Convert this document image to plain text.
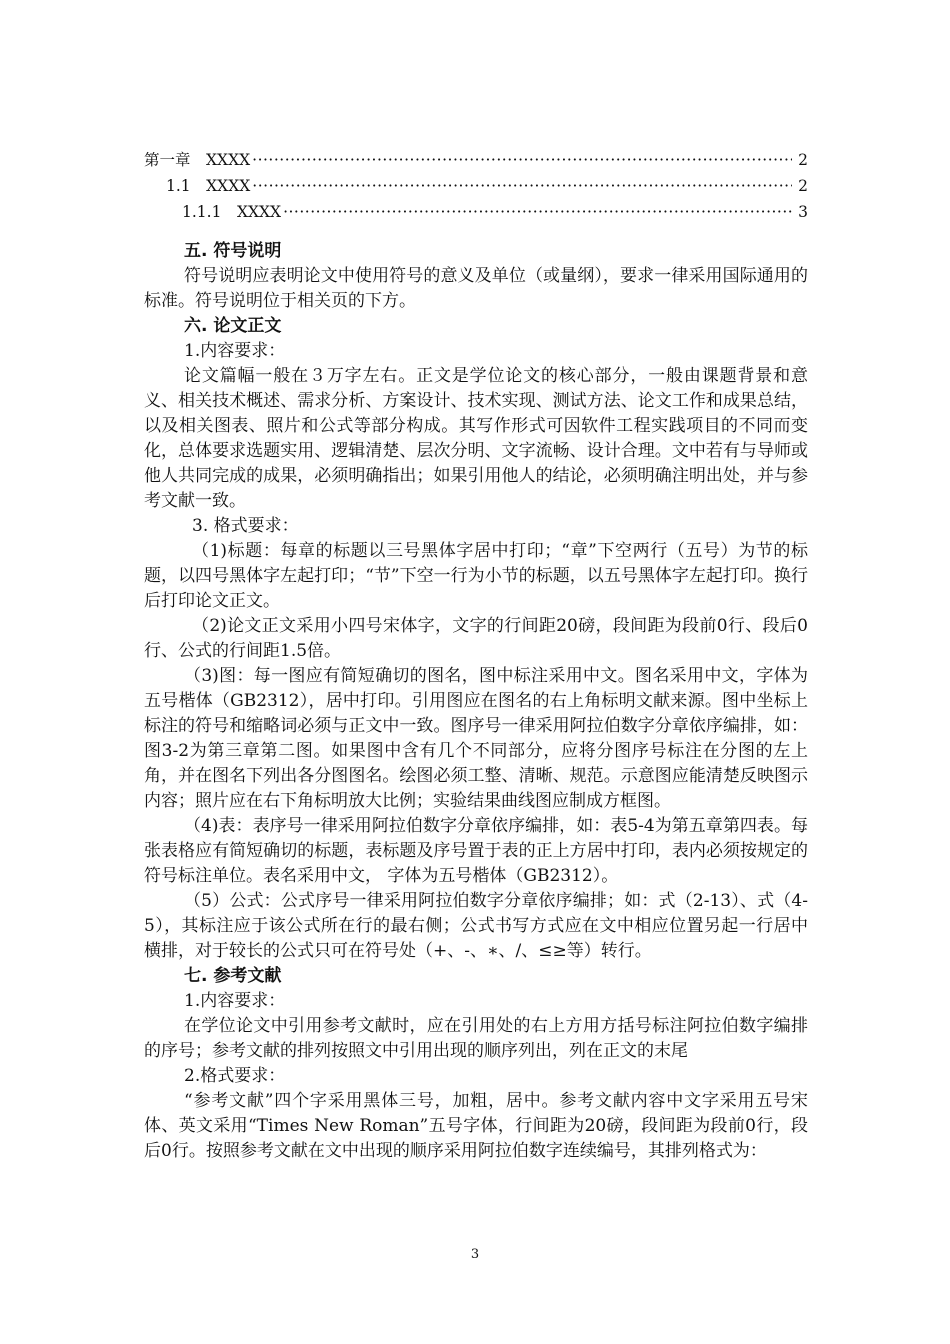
第一章　XXXX ·····	2
1.1　XXXX ·····	2
1.1.1　XXXX ·····	3
五. 符号说明

符号说明应表明论文中使用符号的意义及单位（或量纲），要求一律采用国际通用的标准。符号说明位于相关页的下方。

六. 论文正文

1.内容要求：

论文篇幅一般在３万字左右。正文是学位论文的核心部分，一般由课题背景和意义、相关技术概述、需求分析、方案设计、技术实现、测试方法、论文工作和成果总结，以及相关图表、照片和公式等部分构成。其写作形式可因软件工程实践项目的不同而变化，总体要求选题实用、逻辑清楚、层次分明、文字流畅、设计合理。文中若有与导师或他人共同完成的成果，必须明确指出；如果引用他人的结论，必须明确注明出处，并与参考文献一致。

3. 格式要求：

（1)标题：每章的标题以三号黑体字居中打印；“章”下空两行（五号）为节的标题，以四号黑体字左起打印；“节”下空一行为小节的标题，以五号黑体字左起打印。换行后打印论文正文。

（2)论文正文采用小四号宋体字，文字的行间距20磅，段间距为段前0行、段后0行、公式的行间距1.5倍。

（3)图：每一图应有简短确切的图名，图中标注采用中文。图名采用中文，字体为五号楷体（GB2312），居中打印。引用图应在图名的右上角标明文献来源。图中坐标上标注的符号和缩略词必须与正文中一致。图序号一律采用阿拉伯数字分章依序编排，如：图3-2为第三章第二图。如果图中含有几个不同部分，应将分图序号标注在分图的左上角，并在图名下列出各分图图名。绘图必须工整、清晰、规范。示意图应能清楚反映图示内容；照片应在右下角标明放大比例；实验结果曲线图应制成方框图。

（4)表：表序号一律采用阿拉伯数字分章依序编排，如：表5-4为第五章第四表。每张表格应有简短确切的标题，表标题及序号置于表的正上方居中打印，表内必须按规定的符号标注单位。表名采用中文， 字体为五号楷体（GB2312）。

（5）公式：公式序号一律采用阿拉伯数字分章依序编排；如：式（2-13）、式（4-5），其标注应于该公式所在行的最右侧；公式书写方式应在文中相应位置另起一行居中横排，对于较长的公式只可在符号处（+、-、∗、/、≤≥等）转行。

七. 参考文献

1.内容要求：

在学位论文中引用参考文献时，应在引用处的右上方用方括号标注阿拉伯数字编排的序号；参考文献的排列按照文中引用出现的顺序列出，列在正文的末尾

2.格式要求：

“参考文献”四个字采用黑体三号，加粗，居中。参考文献内容中文字采用五号宋体、英文采用“Times New Roman”五号字体，行间距为20磅，段间距为段前0行，段后0行。按照参考文献在文中出现的顺序采用阿拉伯数字连续编号，其排列格式为：

3
